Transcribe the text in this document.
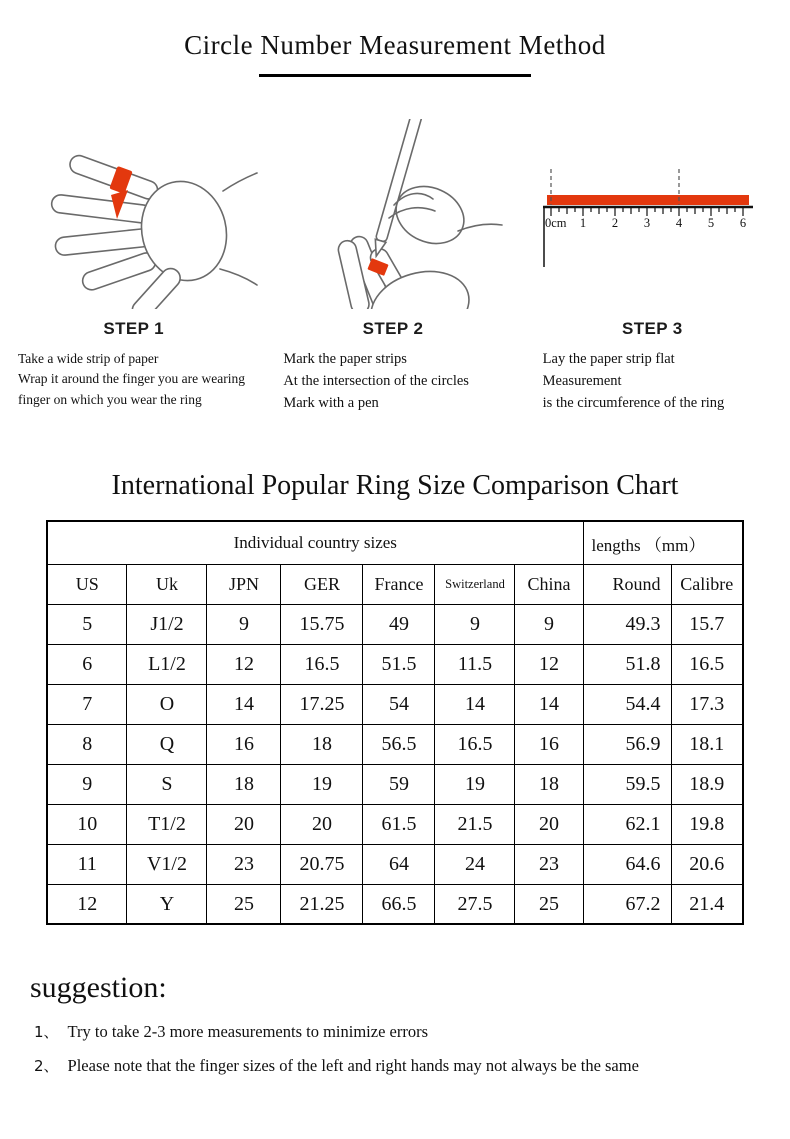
Circle Number Measurement Method
STEP 1
Take a wide strip of paper
Wrap it around the finger you are wearing
finger on which you wear the ring
STEP 2
Mark the paper strips
At the intersection of the circles
Mark with a pen
0cm 1 2 3 4 5 6
STEP 3
Lay the paper strip flat
Measurement
is the circumference of the ring
International Popular Ring Size Comparison Chart
Individual country sizes							lengths （mm）	
US	Uk	JPN	GER	France	Switzerland	China	Round	Calibre
5	J1/2	9	15.75	49	9	9	49.3	15.7
6	L1/2	12	16.5	51.5	11.5	12	51.8	16.5
7	O	14	17.25	54	14	14	54.4	17.3
8	Q	16	18	56.5	16.5	16	56.9	18.1
9	S	18	19	59	19	18	59.5	18.9
10	T1/2	20	20	61.5	21.5	20	62.1	19.8
11	V1/2	23	20.75	64	24	23	64.6	20.6
12	Y	25	21.25	66.5	27.5	25	67.2	21.4
suggestion:
1、 Try to take 2-3 more measurements to minimize errors
2、 Please note that the finger sizes of the left and right hands may not always be the same
